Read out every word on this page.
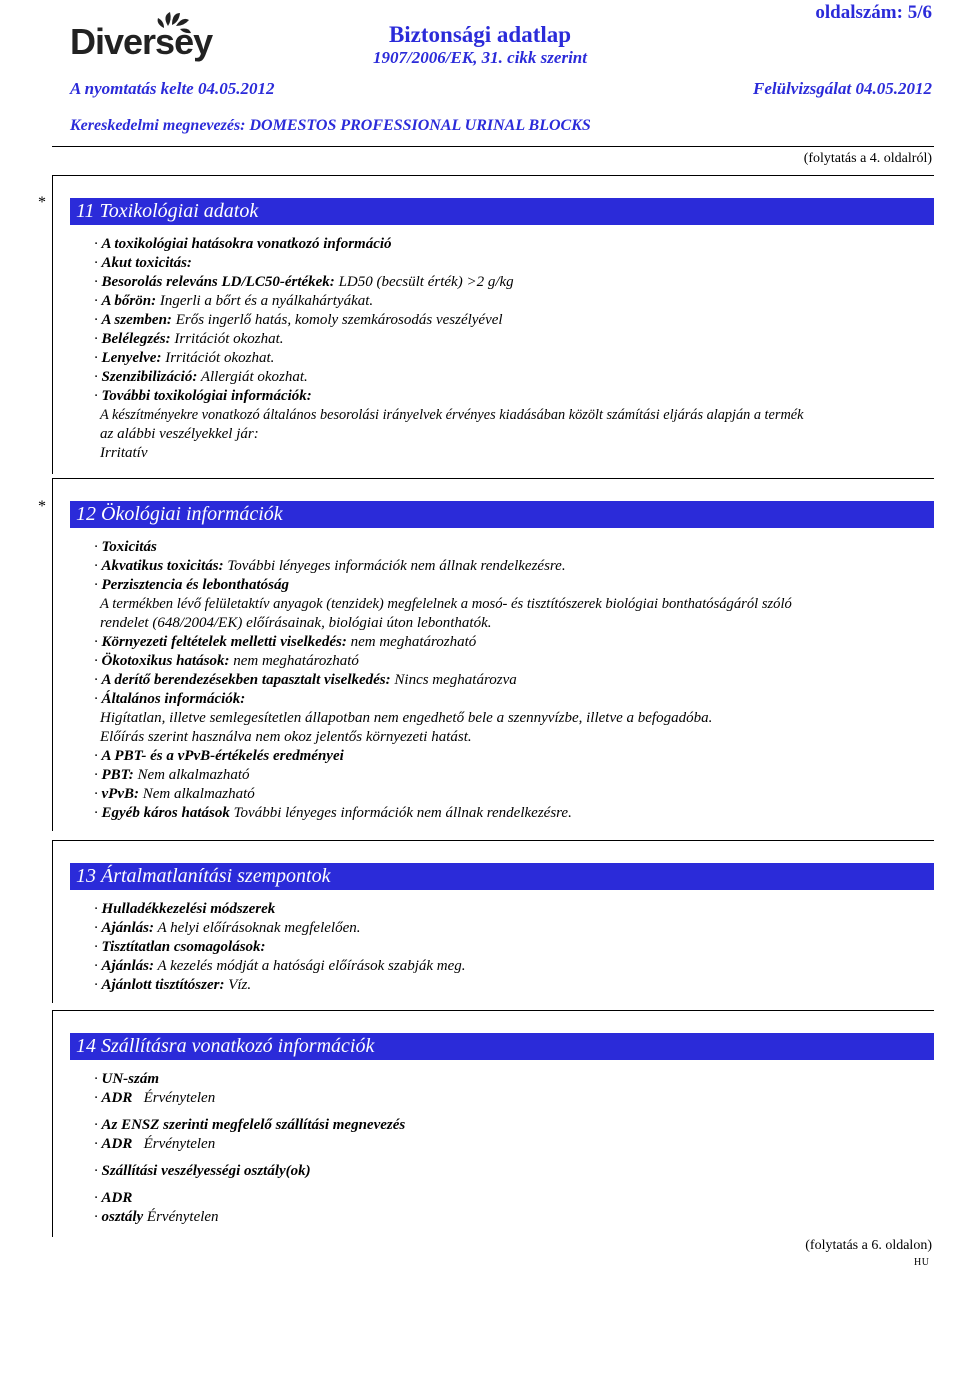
Diversey
oldalszám: 5/6
Biztonsági adatlap
1907/2006/EK, 31. cikk szerint
A nyomtatás kelte 04.05.2012	Felülvizsgálat 04.05.2012
Kereskedelmi megnevezés: DOMESTOS PROFESSIONAL URINAL BLOCKS
(folytatás a 4. oldalról)
*	11 Toxikológiai adatok
· A toxikológiai hatásokra vonatkozó információ
· Akut toxicitás:
· Besorolás releváns LD/LC50-értékek: LD50 (becsült érték) >2 g/kg
· A bőrön: Ingerli a bőrt és a nyálkahártyákat.
· A szemben: Erős ingerlő hatás, komoly szemkárosodás veszélyével
· Belélegzés: Irritációt okozhat.
· Lenyelve: Irritációt okozhat.
· Szenzibilizáció: Allergiát okozhat.
· További toxikológiai információk:
A készítményekre vonatkozó általános besorolási irányelvek érvényes kiadásában közölt számítási eljárás alapján a termék
az alábbi veszélyekkel jár:
Irritatív
*	12 Ökológiai információk
· Toxicitás
· Akvatikus toxicitás: További lényeges információk nem állnak rendelkezésre.
· Perzisztencia és lebonthatóság
A termékben lévő felületaktív anyagok (tenzidek) megfelelnek a mosó- és tisztítószerek biológiai bonthatóságáról szóló
rendelet (648/2004/EK) előírásainak, biológiai úton lebonthatók.
· Környezeti feltételek melletti viselkedés: nem meghatározható
· Ökotoxikus hatások: nem meghatározható
· A derítő berendezésekben tapasztalt viselkedés: Nincs meghatározva
· Általános információk:
Higítatlan, illetve semlegesítetlen állapotban nem engedhető bele a szennyvízbe, illetve a befogadóba.
Előírás szerint használva nem okoz jelentős környezeti hatást.
· A PBT- és a vPvB-értékelés eredményei
· PBT: Nem alkalmazható
· vPvB: Nem alkalmazható
· Egyéb káros hatások További lényeges információk nem állnak rendelkezésre.
13 Ártalmatlanítási szempontok
· Hulladékkezelési módszerek
· Ajánlás: A helyi előírásoknak megfelelően.
· Tisztítatlan csomagolások:
· Ajánlás: A kezelés módját a hatósági előírások szabják meg.
· Ajánlott tisztítószer: Víz.
14 Szállításra vonatkozó információk
· UN-szám
· ADR Érvénytelen
· Az ENSZ szerinti megfelelő szállítási megnevezés
· ADR Érvénytelen
· Szállítási veszélyességi osztály(ok)
· ADR
· osztály Érvénytelen
(folytatás a 6. oldalon)
HU
